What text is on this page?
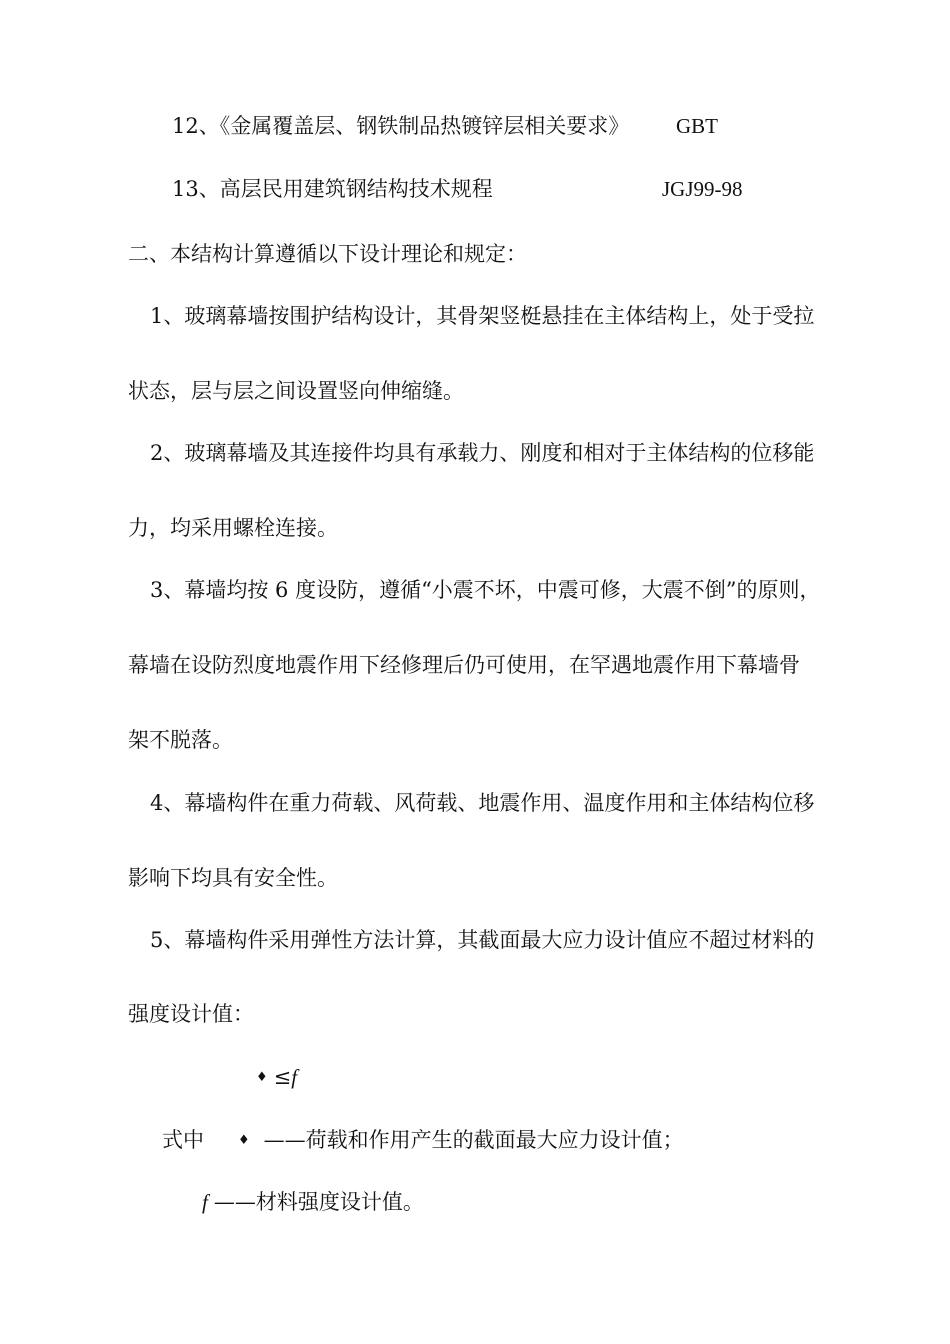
12、《金属覆盖层、钢铁制品热镀锌层相关要求》 GBT
13、高层民用建筑钢结构技术规程	JGJ99-98
二、本结构计算遵循以下设计理论和规定：
1、玻璃幕墙按围护结构设计，其骨架竖梃悬挂在主体结构上，处于受拉
状态，层与层之间设置竖向伸缩缝。
2、玻璃幕墙及其连接件均具有承载力、刚度和相对于主体结构的位移能
力，均采用螺栓连接。
3、幕墙均按 6 度设防，遵循“小震不坏，中震可修，大震不倒”的原则，
幕墙在设防烈度地震作用下经修理后仍可使用，在罕遇地震作用下幕墙骨
架不脱落。
4、幕墙构件在重力荷载、风荷载、地震作用、温度作用和主体结构位移
影响下均具有安全性。
5、幕墙构件采用弹性方法计算，其截面最大应力设计值应不超过材料的
强度设计值：
♦ ≤f
式中	♦ ——荷载和作用产生的截面最大应力设计值；
f ——材料强度设计值。
